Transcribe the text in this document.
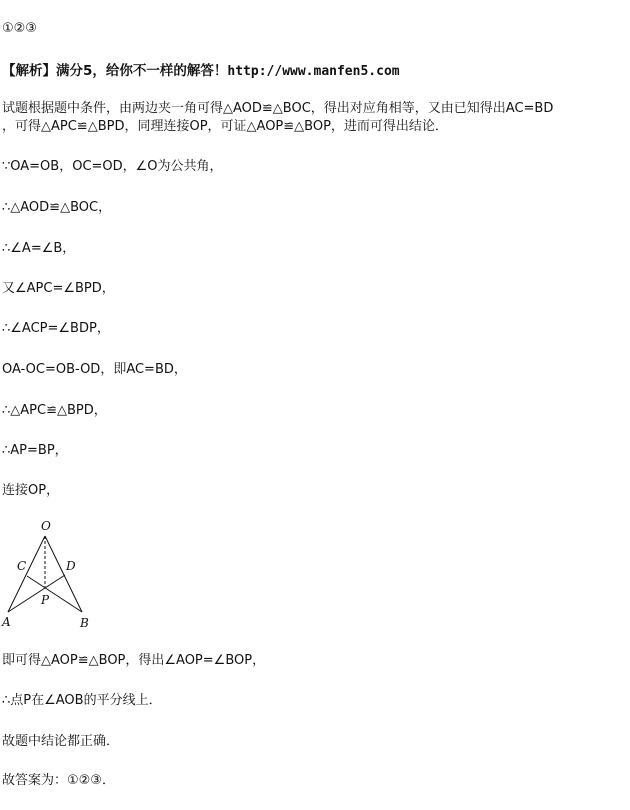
①②③
【解析】满分5，给你不一样的解答！http://www.manfen5.com
试题根据题中条件，由两边夹一角可得△AOD≌△BOC，得出对应角相等，又由已知得出AC=BD
，可得△APC≌△BPD，同理连接OP，可证△AOP≌△BOP，进而可得出结论．
∵OA=OB，OC=OD，∠O为公共角，
∴△AOD≌△BOC，
∴∠A=∠B，
又∠APC=∠BPD，
∴∠ACP=∠BDP，
OA-OC=OB-OD，即AC=BD，
∴△APC≌△BPD，
∴AP=BP，
连接OP，
O
C	D
P
A	B
即可得△AOP≌△BOP，得出∠AOP=∠BOP，
∴点P在∠AOB的平分线上．
故题中结论都正确．
故答案为：①②③．
